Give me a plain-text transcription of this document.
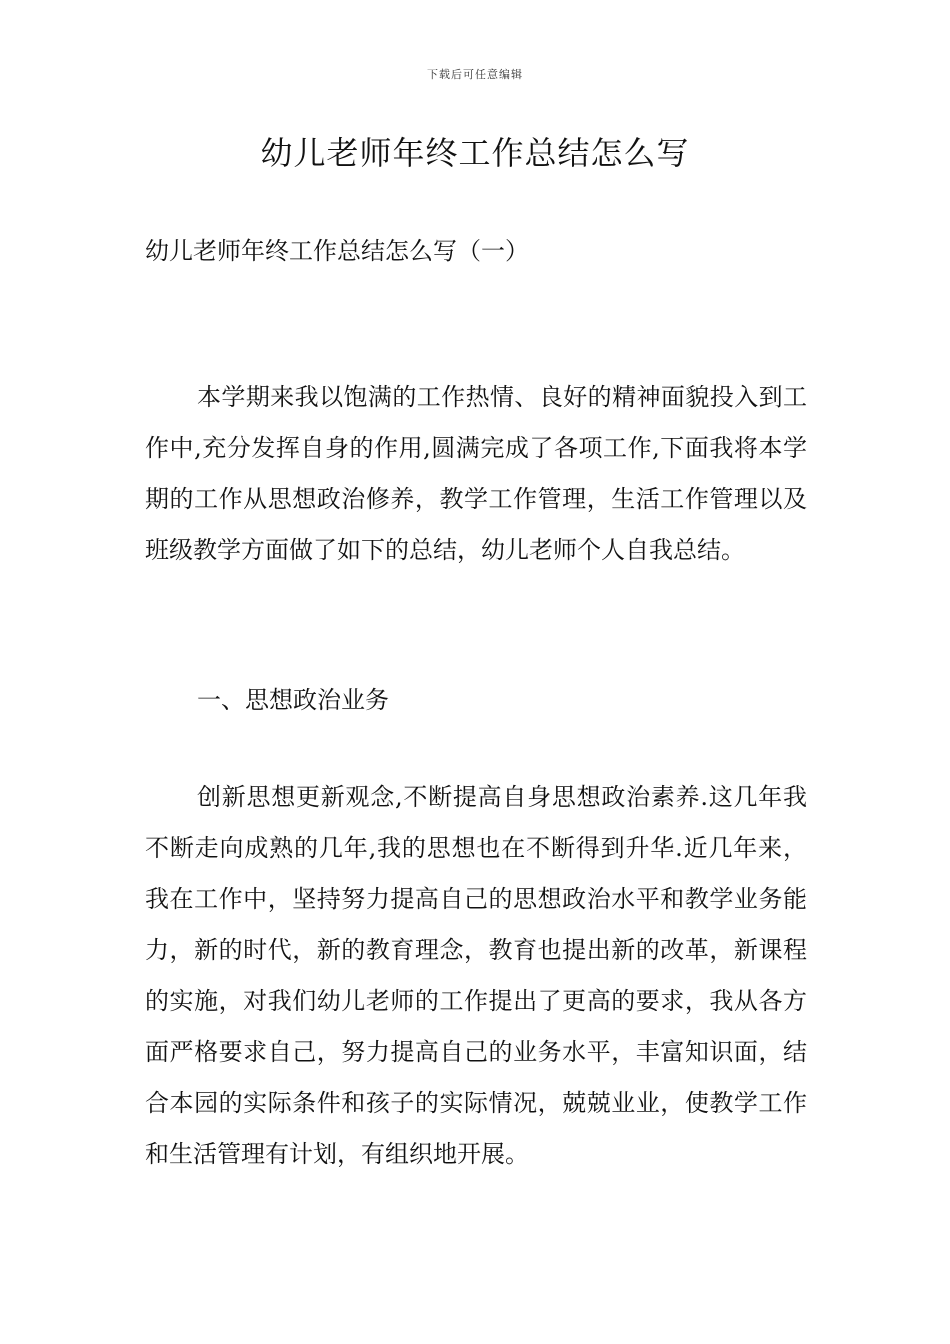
下载后可任意编辑
幼儿老师年终工作总结怎么写
幼儿老师年终工作总结怎么写（一）

本学期来我以饱满的工作热情、良好的精神面貌投入到工作中,充分发挥自身的作用,圆满完成了各项工作,下面我将本学期的工作从思想政治修养，教学工作管理，生活工作管理以及班级教学方面做了如下的总结，幼儿老师个人自我总结。

一、思想政治业务

创新思想更新观念,不断提高自身思想政治素养.这几年我不断走向成熟的几年,我的思想也在不断得到升华.近几年来，我在工作中，坚持努力提高自己的思想政治水平和教学业务能力，新的时代，新的教育理念，教育也提出新的改革，新课程的实施，对我们幼儿老师的工作提出了更高的要求，我从各方面严格要求自己，努力提高自己的业务水平，丰富知识面，结合本园的实际条件和孩子的实际情况，兢兢业业，使教学工作和生活管理有计划，有组织地开展。
